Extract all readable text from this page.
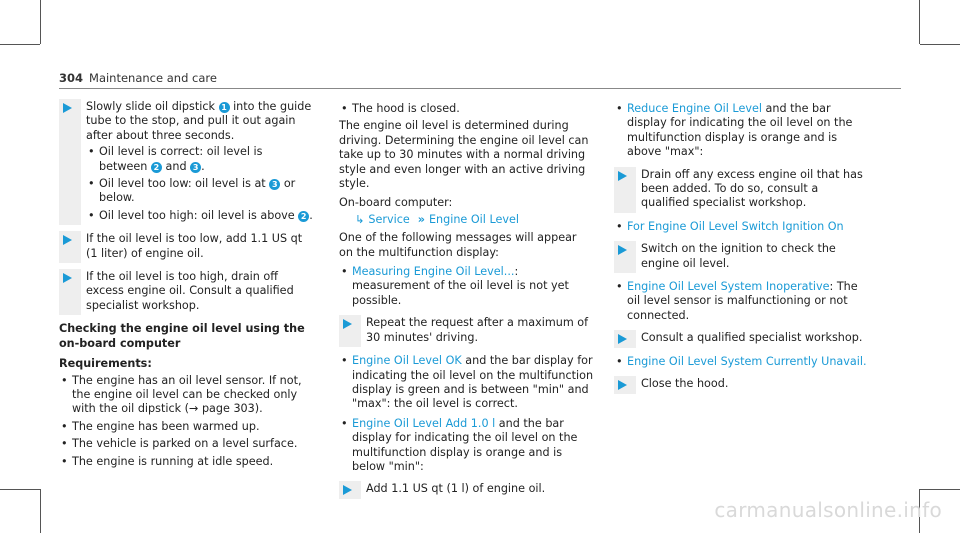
304 Maintenance and care

Slowly slide oil dipstick 1 into the guide tube to the stop, and pull it out again after about three seconds.

• Oil level is correct: oil level is between 2 and 3 .
• Oil level too low: oil level is at 3 or below.
• Oil level too high: oil level is above 2 .

If the oil level is too low, add 1.1 US qt (1 liter) of engine oil.

If the oil level is too high, drain off excess engine oil. Consult a qualified specialist workshop.

Checking the engine oil level using the on-board computer
Requirements:
• The engine has an oil level sensor. If not, the engine oil level can be checked only with the oil dipstick (→ page 303).
• The engine has been warmed up.
• The vehicle is parked on a level surface.
• The engine is running at idle speed.
• The hood is closed.

The engine oil level is determined during driving. Determining the engine oil level can take up to 30 minutes with a normal driving style and even longer with an active driving style.

On-board computer:

↳ Service » Engine Oil Level

One of the following messages will appear on the multifunction display:

• Measuring Engine Oil Level...: measurement of the oil level is not yet possible.

Repeat the request after a maximum of 30 minutes' driving.

• Engine Oil Level OK and the bar display for indicating the oil level on the multifunction display is green and is between "min" and "max": the oil level is correct.
• Engine Oil Level Add 1.0 l and the bar display for indicating the oil level on the multifunction display is orange and is below "min":

Add 1.1 US qt (1 l) of engine oil.

• Reduce Engine Oil Level and the bar display for indicating the oil level on the multifunction display is orange and is above "max":

Drain off any excess engine oil that has been added. To do so, consult a qualified specialist workshop.

• For Engine Oil Level Switch Ignition On

Switch on the ignition to check the engine oil level.

• Engine Oil Level System Inoperative: The oil level sensor is malfunctioning or not connected.

Consult a qualified specialist workshop.

• Engine Oil Level System Currently Unavail.

Close the hood.

carmanualsonline.info
